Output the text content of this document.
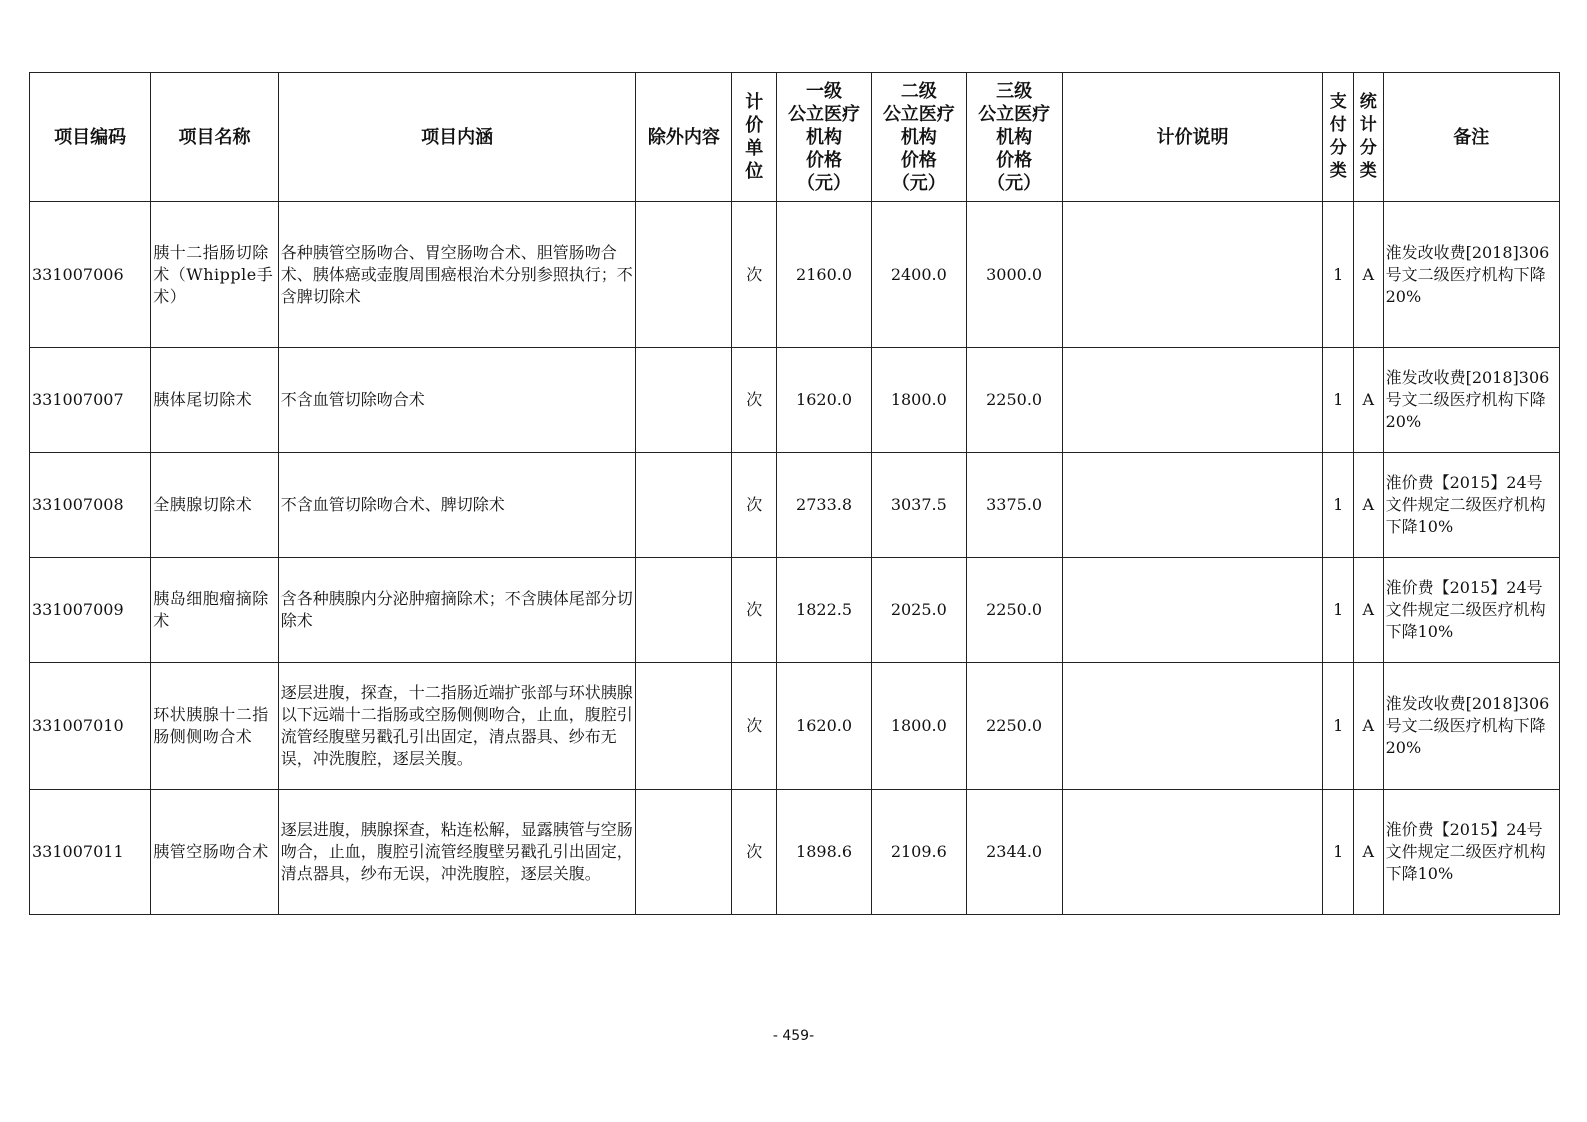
项目编码	项目名称	项目内涵	除外内容	计价单位	一级
公立医疗
机构
价格
（元）	二级
公立医疗
机构
价格
（元）	三级
公立医疗
机构
价格
（元）	计价说明	支付分类	统计分类	备注
331007006	胰十二指肠切除术（Whipple手术）	各种胰管空肠吻合、胃空肠吻合术、胆管肠吻合术、胰体癌或壶腹周围癌根治术分别参照执行；不含脾切除术		次	2160.0	2400.0	3000.0		1	A	淮发改收费[2018]306号文二级医疗机构下降20%
331007007	胰体尾切除术	不含血管切除吻合术		次	1620.0	1800.0	2250.0		1	A	淮发改收费[2018]306号文二级医疗机构下降20%
331007008	全胰腺切除术	不含血管切除吻合术、脾切除术		次	2733.8	3037.5	3375.0		1	A	淮价费【2015】24号文件规定二级医疗机构下降10%
331007009	胰岛细胞瘤摘除术	含各种胰腺内分泌肿瘤摘除术；不含胰体尾部分切除术		次	1822.5	2025.0	2250.0		1	A	淮价费【2015】24号文件规定二级医疗机构下降10%
331007010	环状胰腺十二指肠侧侧吻合术	逐层进腹，探查，十二指肠近端扩张部与环状胰腺以下远端十二指肠或空肠侧侧吻合，止血，腹腔引流管经腹壁另戳孔引出固定，清点器具、纱布无误，冲洗腹腔，逐层关腹。		次	1620.0	1800.0	2250.0		1	A	淮发改收费[2018]306号文二级医疗机构下降20%
331007011	胰管空肠吻合术	逐层进腹，胰腺探查，粘连松解，显露胰管与空肠吻合，止血，腹腔引流管经腹壁另戳孔引出固定，清点器具，纱布无误，冲洗腹腔，逐层关腹。		次	1898.6	2109.6	2344.0		1	A	淮价费【2015】24号文件规定二级医疗机构下降10%
- 459-
